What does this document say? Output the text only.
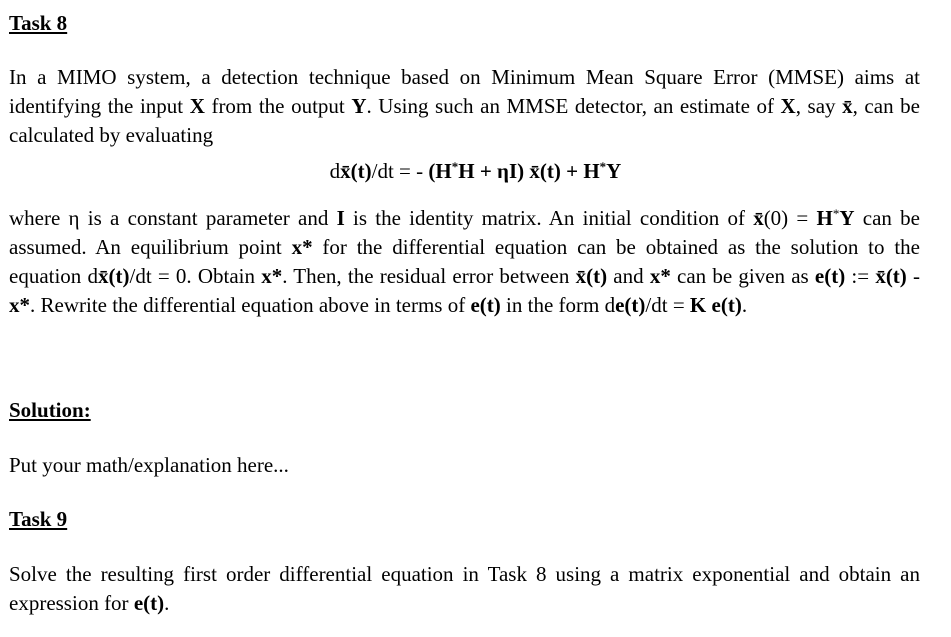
Task 8
In a MIMO system, a detection technique based on Minimum Mean Square Error (MMSE) aims at identifying the input X from the output Y. Using such an MMSE detector, an estimate of X, say x̄, can be calculated by evaluating
dx̄(t)/dt = - (H*H + ηI) x̄(t) + H*Y
where η is a constant parameter and I is the identity matrix. An initial condition of x̄(0) = H*Y can be assumed. An equilibrium point x* for the differential equation can be obtained as the solution to the equation dx̄(t)/dt = 0. Obtain x*. Then, the residual error between x̄(t) and x* can be given as e(t) := x̄(t) - x*. Rewrite the differential equation above in terms of e(t) in the form de(t)/dt = K e(t).
Solution:
Put your math/explanation here...
Task 9
Solve the resulting first order differential equation in Task 8 using a matrix exponential and obtain an expression for e(t).
